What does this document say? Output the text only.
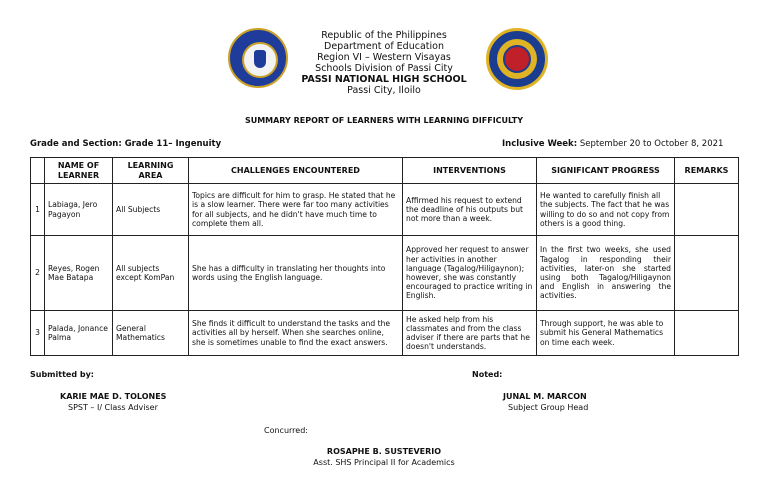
Republic of the Philippines
Department of Education
Region VI – Western Visayas
Schools Division of Passi City
PASSI NATIONAL HIGH SCHOOL
Passi City, Iloilo
SUMMARY REPORT OF LEARNERS WITH LEARNING DIFFICULTY
Grade and Section: Grade 11– Ingenuity	Inclusive Week: September 20 to October 8, 2021
	NAME OF LEARNER	LEARNING AREA	CHALLENGES ENCOUNTERED	INTERVENTIONS	SIGNIFICANT PROGRESS	REMARKS
1	Labiaga, Jero Pagayon	All Subjects	Topics are difficult for him to grasp. He stated that he is a slow learner. There were far too many activities for all subjects, and he didn't have much time to complete them all.	Affirmed his request to extend the deadline of his outputs but not more than a week.	He wanted to carefully finish all the subjects. The fact that he was willing to do so and not copy from others is a good thing.	
2	Reyes, Rogen Mae Batapa	All subjects except KomPan	She has a difficulty in translating her thoughts into words using the English language.	Approved her request to answer her activities in another language (Tagalog/Hiligaynon); however, she was constantly encouraged to practice writing in English.	In the first two weeks, she used Tagalog in responding their activities, later-on she started using both Tagalog/Hiligaynon and English in answering the activities.	
3	Palada, Jonance Palma	General Mathematics	She finds it difficult to understand the tasks and the activities all by herself. When she searches online, she is sometimes unable to find the exact answers.	He asked help from his classmates and from the class adviser if there are parts that he doesn't understands.	Through support, he was able to submit his General Mathematics on time each week.	
Submitted by:
KARIE MAE D. TOLONES
SPST – I/ Class Adviser
Noted:
JUNAL M. MARCON
Subject Group Head
Concurred:
ROSAPHE B. SUSTEVERIO
Asst. SHS Principal II for Academics
